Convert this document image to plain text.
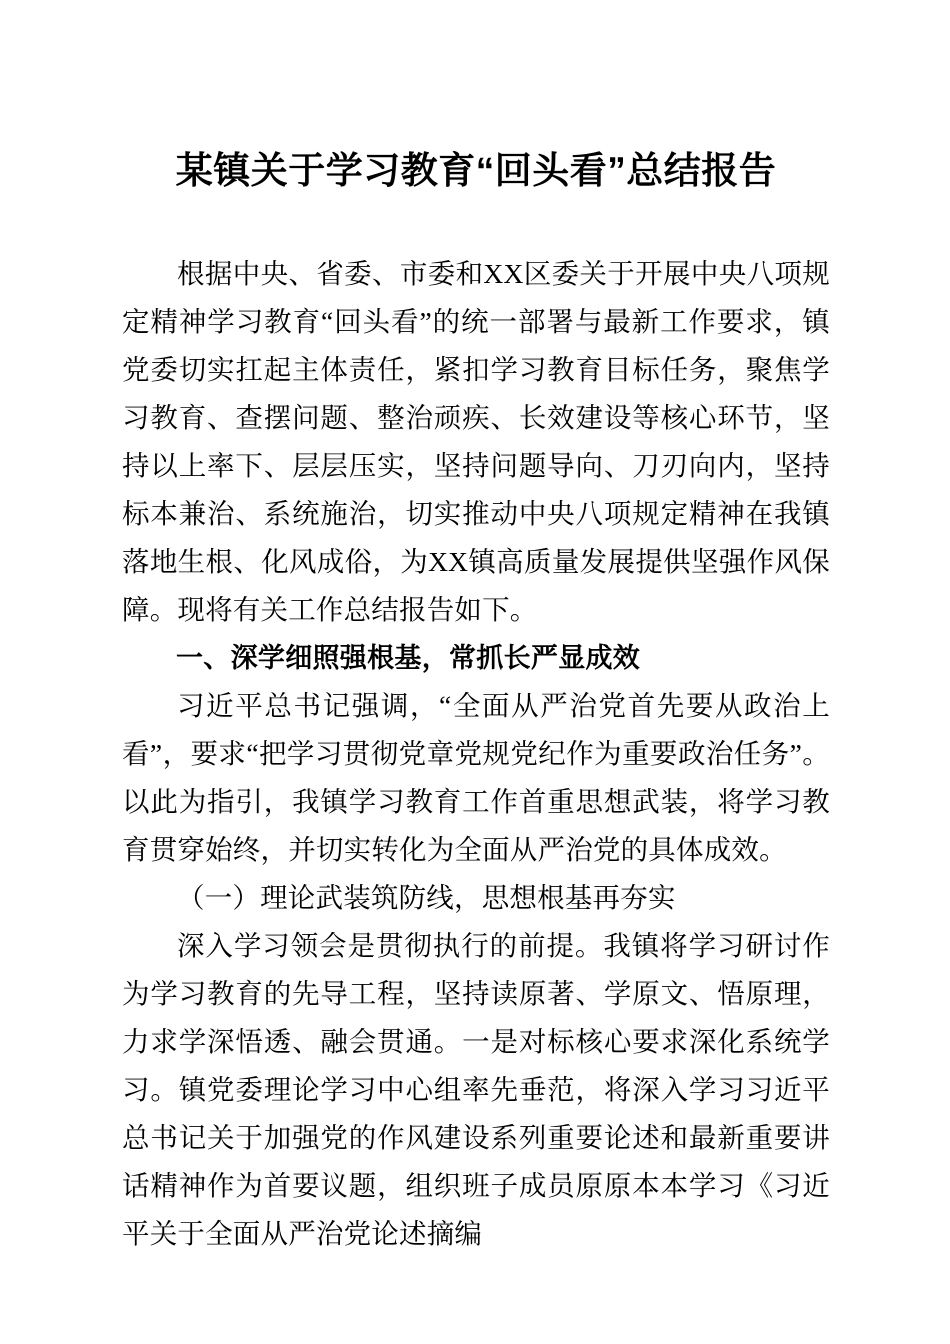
某镇关于学习教育“回头看”总结报告

根据中央、省委、市委和XX区委关于开展中央八项规定精神学习教育“回头看”的统一部署与最新工作要求，镇党委切实扛起主体责任，紧扣学习教育目标任务，聚焦学习教育、查摆问题、整治顽疾、长效建设等核心环节，坚持以上率下、层层压实，坚持问题导向、刀刃向内，坚持标本兼治、系统施治，切实推动中央八项规定精神在我镇落地生根、化风成俗，为XX镇高质量发展提供坚强作风保障。现将有关工作总结报告如下。

一、深学细照强根基，常抓长严显成效

习近平总书记强调，“全面从严治党首先要从政治上看”，要求“把学习贯彻党章党规党纪作为重要政治任务”。以此为指引，我镇学习教育工作首重思想武装，将学习教育贯穿始终，并切实转化为全面从严治党的具体成效。

（一）理论武装筑防线，思想根基再夯实

深入学习领会是贯彻执行的前提。我镇将学习研讨作为学习教育的先导工程，坚持读原著、学原文、悟原理，力求学深悟透、融会贯通。一是对标核心要求深化系统学习。镇党委理论学习中心组率先垂范，将深入学习习近平总书记关于加强党的作风建设系列重要论述和最新重要讲话精神作为首要议题，组织班子成员原原本本学习《习近平关于全面从严治党论述摘编
